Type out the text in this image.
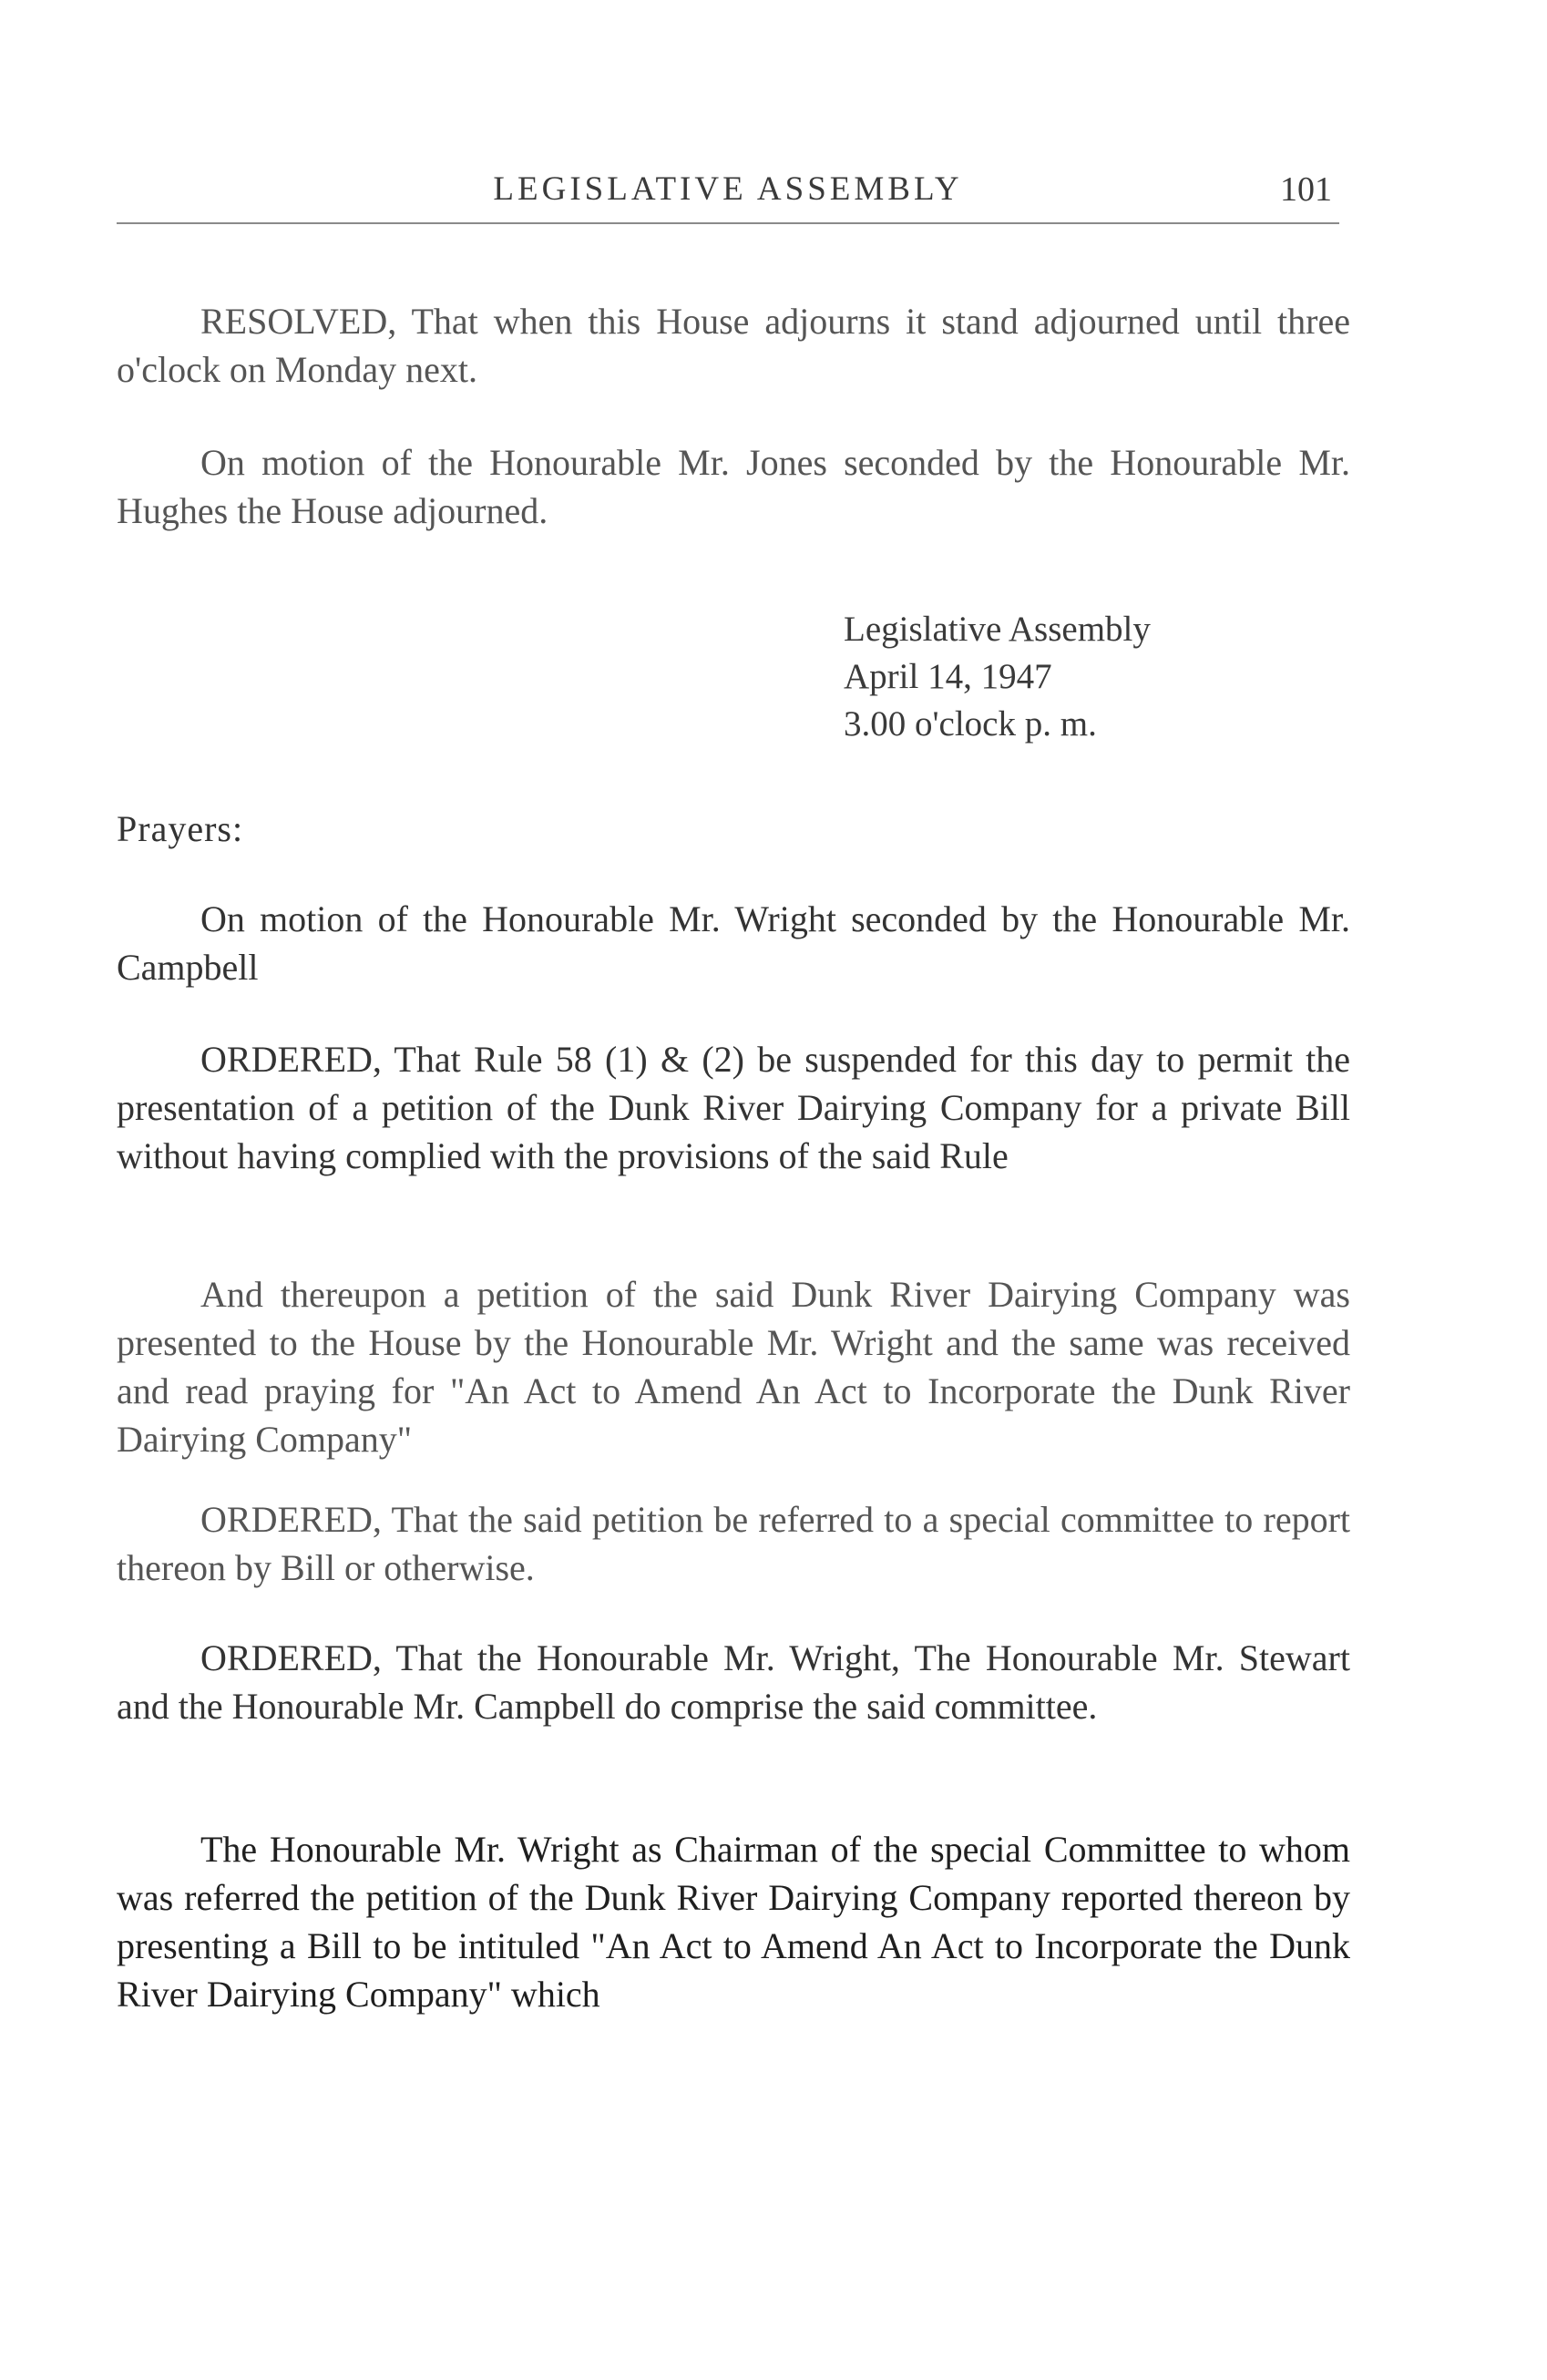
LEGISLATIVE ASSEMBLY	101

RESOLVED, That when this House adjourns it stand adjourned until three o'clock on Monday next.

On motion of the Honourable Mr. Jones seconded by the Honourable Mr. Hughes the House adjourned.

Legislative Assembly
April 14, 1947
3.00 o'clock p. m.
Prayers:

On motion of the Honourable Mr. Wright seconded by the Honourable Mr. Campbell

ORDERED, That Rule 58 (1) & (2) be suspended for this day to permit the presentation of a petition of the Dunk River Dairying Company for a private Bill without having complied with the provisions of the said Rule

And thereupon a petition of the said Dunk River Dairying Company was presented to the House by the Honourable Mr. Wright and the same was received and read praying for "An Act to Amend An Act to Incorporate the Dunk River Dairying Company"

ORDERED, That the said petition be referred to a special committee to report thereon by Bill or otherwise.

ORDERED, That the Honourable Mr. Wright, The Honourable Mr. Stewart and the Honourable Mr. Campbell do comprise the said committee.

The Honourable Mr. Wright as Chairman of the special Committee to whom was referred the petition of the Dunk River Dairying Company reported thereon by presenting a Bill to be intituled "An Act to Amend An Act to Incorporate the Dunk River Dairying Company" which
